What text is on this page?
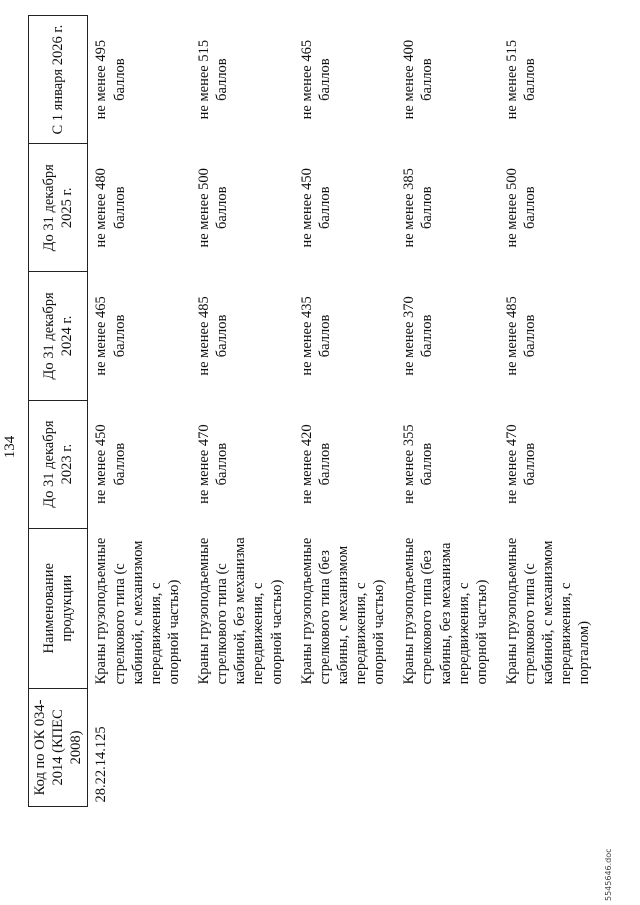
134
Код по ОК 034-2014 (КПЕС 2008)	Наименование продукции	До 31 декабря 2023 г.	До 31 декабря 2024 г.	До 31 декабря 2025 г.	С 1 января 2026 г.
28.22.14.125	Краны грузоподъемные стрелкового типа (с кабиной, с механизмом передвижения, с опорной частью)	не менее 450 баллов	не менее 465 баллов	не менее 480 баллов	не менее 495 баллов
	Краны грузоподъемные стрелкового типа (с кабиной, без механизма передвижения, с опорной частью)	не менее 470 баллов	не менее 485 баллов	не менее 500 баллов	не менее 515 баллов
	Краны грузоподъемные стрелкового типа (без кабины, с механизмом передвижения, с опорной частью)	не менее 420 баллов	не менее 435 баллов	не менее 450 баллов	не менее 465 баллов
	Краны грузоподъемные стрелкового типа (без кабины, без механизма передвижения, с опорной частью)	не менее 355 баллов	не менее 370 баллов	не менее 385 баллов	не менее 400 баллов
	Краны грузоподъемные стрелкового типа (с кабиной, с механизмом передвижения, с порталом)	не менее 470 баллов	не менее 485 баллов	не менее 500 баллов	не менее 515 баллов
5545646.doc
